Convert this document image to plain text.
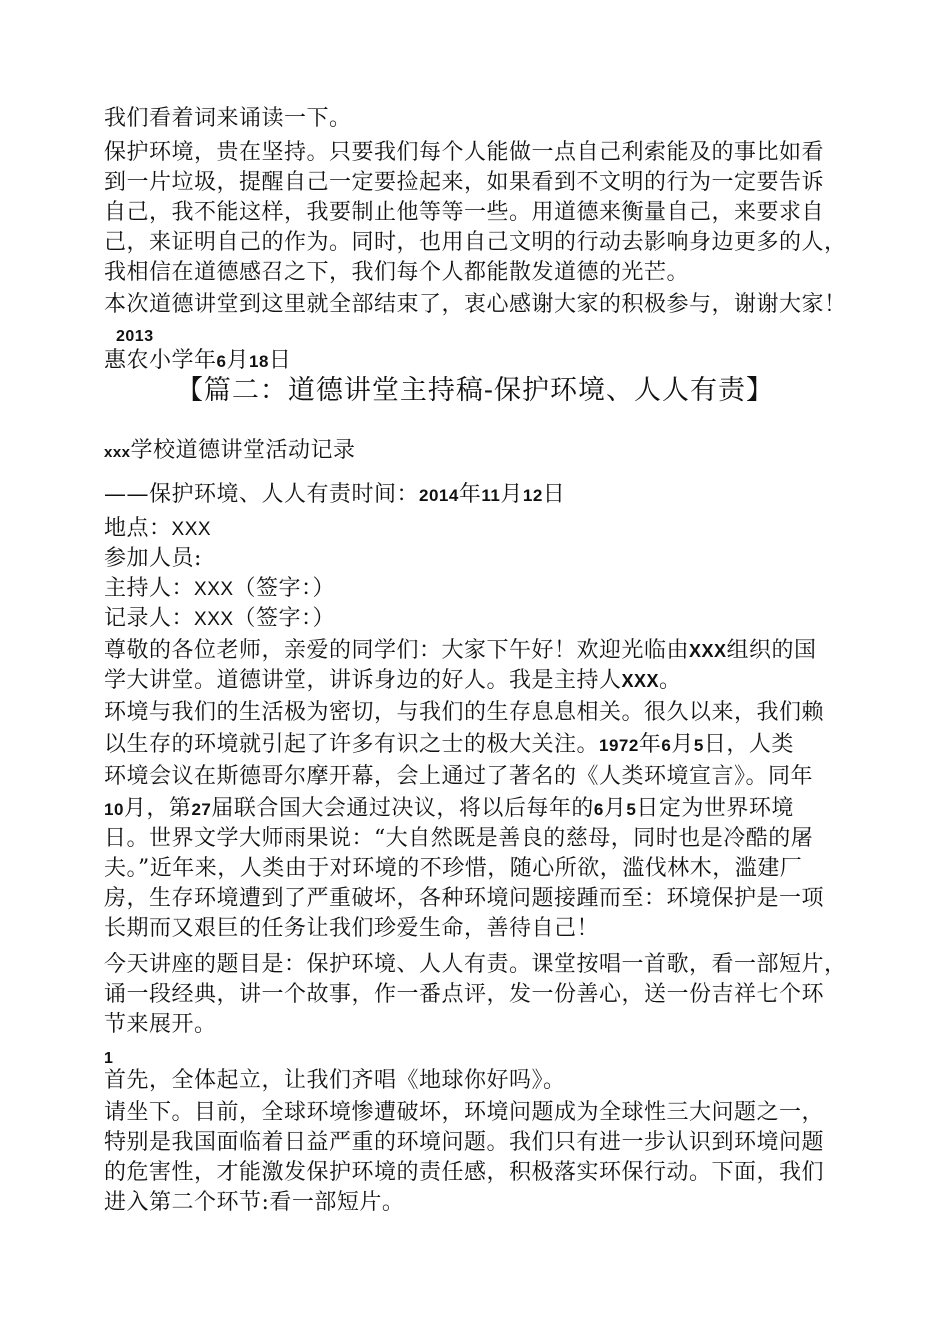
我们看着词来诵读一下。
保护环境，贵在坚持。只要我们每个人能做一点自己利索能及的事比如看
到一片垃圾，提醒自己一定要捡起来，如果看到不文明的行为一定要告诉
自己，我不能这样，我要制止他等等一些。用道德来衡量自己，来要求自
己，来证明自己的作为。同时，也用自己文明的行动去影响身边更多的人，
我相信在道德感召之下，我们每个人都能散发道德的光芒。
本次道德讲堂到这里就全部结束了，衷心感谢大家的积极参与，谢谢大家！
2013
惠农小学年6月18日
【篇二：道德讲堂主持稿-保护环境、人人有责】
xxx学校道德讲堂活动记录
——保护环境、人人有责时间：2014年11月12日
地点：XXX
参加人员:
主持人：XXX（签字：）
记录人：XXX（签字：）
尊敬的各位老师，亲爱的同学们：大家下午好！欢迎光临由XXX组织的国
学大讲堂。道德讲堂，讲诉身边的好人。我是主持人XXX。
环境与我们的生活极为密切，与我们的生存息息相关。很久以来，我们赖
以生存的环境就引起了许多有识之士的极大关注。1972年6月5日，人类
环境会议在斯德哥尔摩开幕，会上通过了著名的《人类环境宣言》。同年
10月，第27届联合国大会通过决议，将以后每年的6月5日定为世界环境
日。世界文学大师雨果说：“大自然既是善良的慈母，同时也是冷酷的屠
夫。”近年来，人类由于对环境的不珍惜，随心所欲，滥伐林木，滥建厂
房，生存环境遭到了严重破坏，各种环境问题接踵而至：环境保护是一项
长期而又艰巨的任务让我们珍爱生命，善待自己！
今天讲座的题目是：保护环境、人人有责。课堂按唱一首歌，看一部短片，
诵一段经典，讲一个故事，作一番点评，发一份善心，送一份吉祥七个环
节来展开。
1
首先，全体起立，让我们齐唱《地球你好吗》。
请坐下。目前，全球环境惨遭破坏，环境问题成为全球性三大问题之一，
特别是我国面临着日益严重的环境问题。我们只有进一步认识到环境问题
的危害性，才能激发保护环境的责任感，积极落实环保行动。下面，我们
进入第二个环节:看一部短片。
